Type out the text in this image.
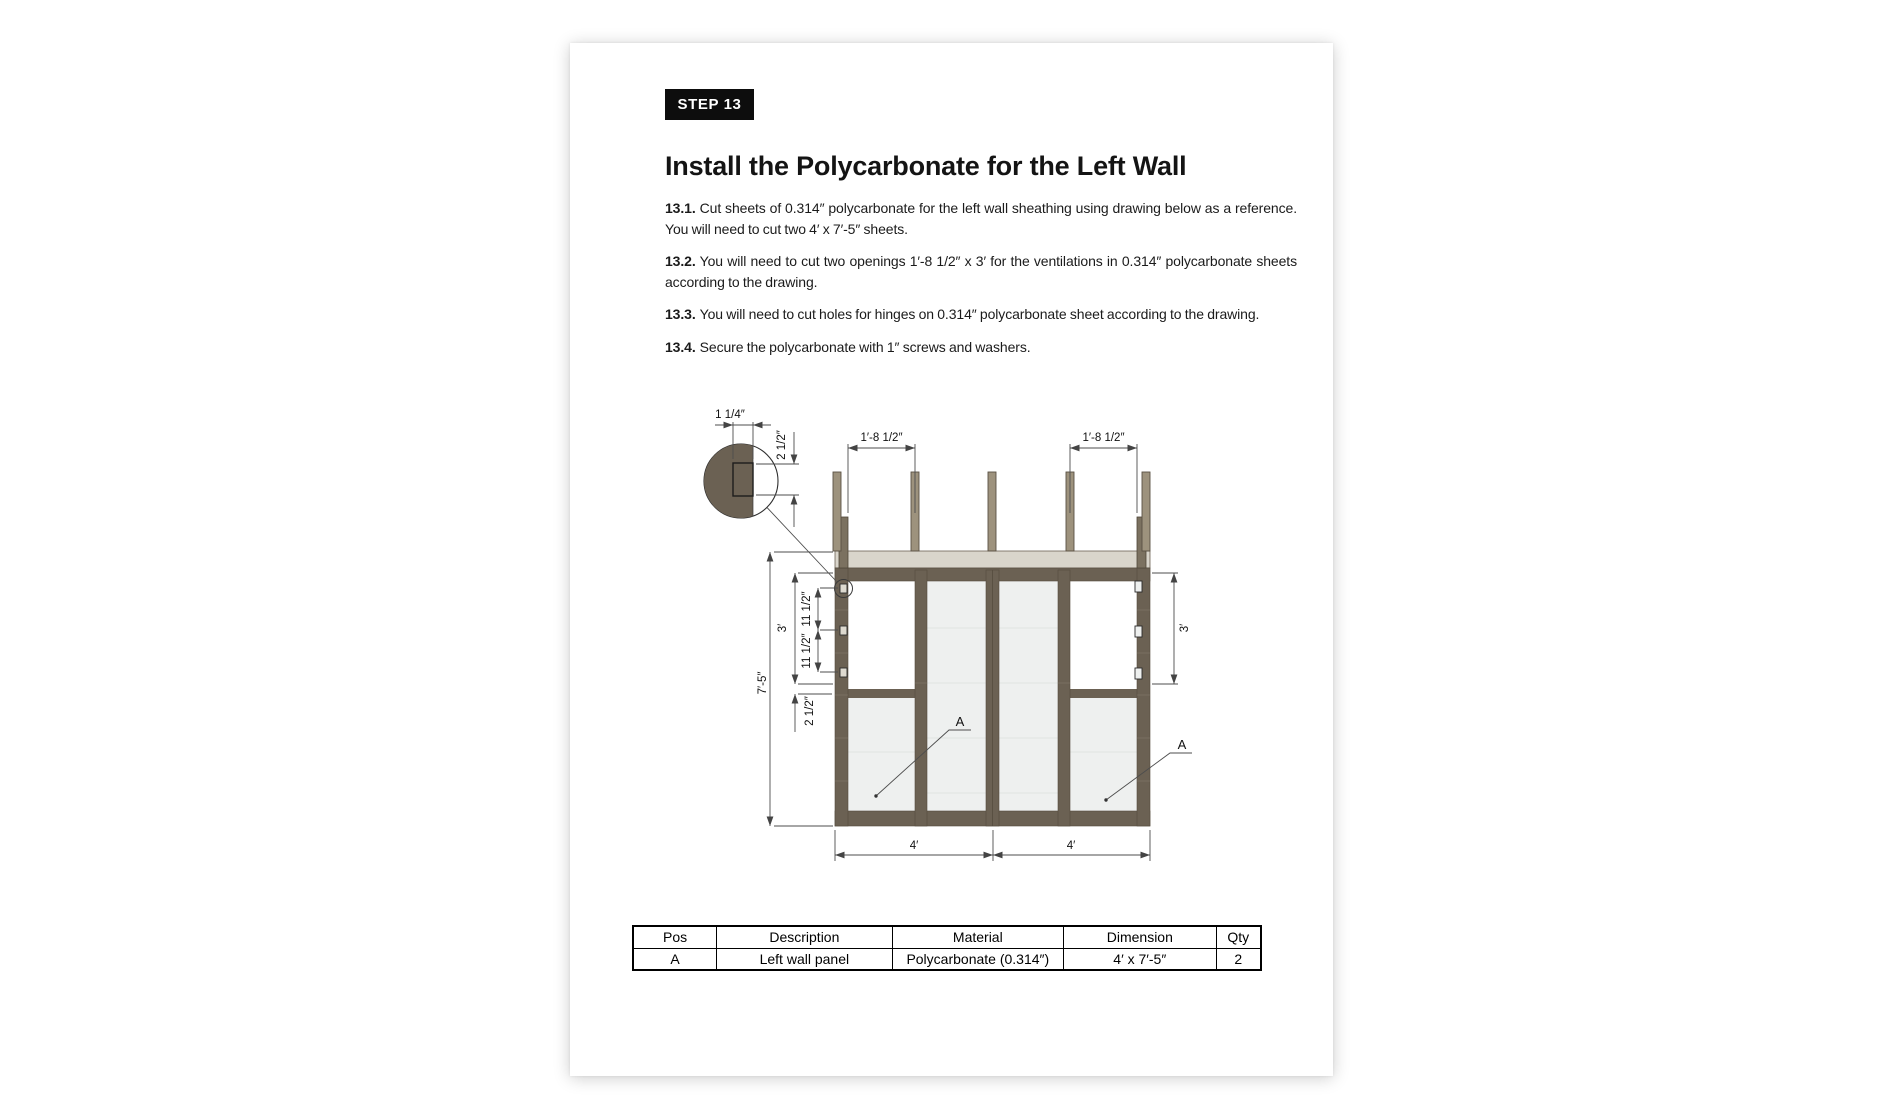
STEP 13
Install the Polycarbonate for the Left Wall

13.1. Cut sheets of 0.314″ polycarbonate for the left wall sheathing using drawing below as a reference. You will need to cut two 4′ x 7′-5″ sheets.

13.2. You will need to cut two openings 1′-8 1/2″ x 3′ for the ventilations in 0.314″ polycarbonate sheets according to the drawing.

13.3. You will need to cut holes for hinges on 0.314″ polycarbonate sheet according to the drawing.

13.4. Secure the polycarbonate with 1″ screws and washers.

1 1/4″
2 1/2″	1′-8 1/2″	1′-8 1/2″
7′-5″
3′
11 1/2″
11 1/2″
2 1/2″
3′
4′	4′
A
A
Pos	Description	Material	Dimension	Qty
A	Left wall panel	Polycarbonate (0.314″)	4′ x 7′-5″	2
